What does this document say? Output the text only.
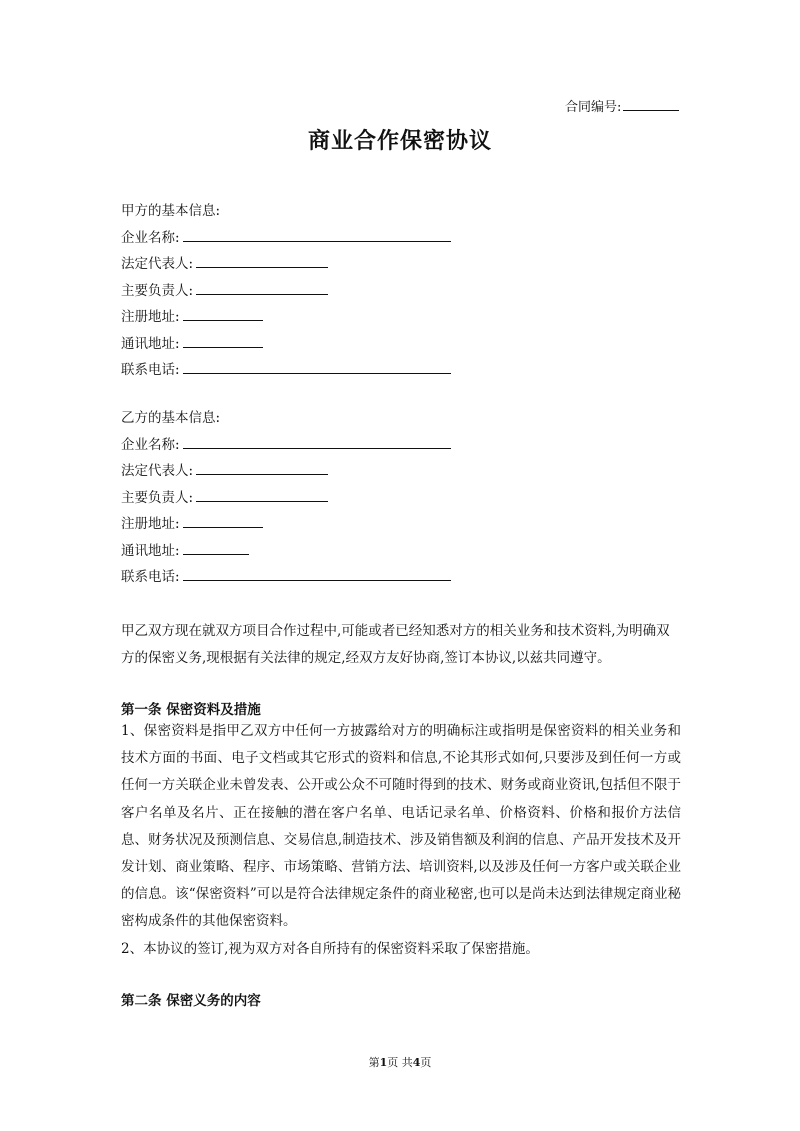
合同编号:
商业合作保密协议
甲方的基本信息:
企业名称:
法定代表人:
主要负责人:
注册地址:
通讯地址:
联系电话:
乙方的基本信息:
企业名称:
法定代表人:
主要负责人:
注册地址:
通讯地址:
联系电话:
甲乙双方现在就双方项目合作过程中,可能或者已经知悉对方的相关业务和技术资料,为明确双方的保密义务,现根据有关法律的规定,经双方友好协商,签订本协议,以兹共同遵守。
第一条 保密资料及措施

1、保密资料是指甲乙双方中任何一方披露给对方的明确标注或指明是保密资料的相关业务和技术方面的书面、电子文档或其它形式的资料和信息,不论其形式如何,只要涉及到任何一方或任何一方关联企业未曾发表、公开或公众不可随时得到的技术、财务或商业资讯,包括但不限于客户名单及名片、正在接触的潜在客户名单、电话记录名单、价格资料、价格和报价方法信息、财务状况及预测信息、交易信息,制造技术、涉及销售额及利润的信息、产品开发技术及开发计划、商业策略、程序、市场策略、营销方法、培训资料,以及涉及任何一方客户或关联企业的信息。该“保密资料”可以是符合法律规定条件的商业秘密,也可以是尚未达到法律规定商业秘密构成条件的其他保密资料。

2、本协议的签订,视为双方对各自所持有的保密资料采取了保密措施。

第二条 保密义务的内容
第1页 共4页
